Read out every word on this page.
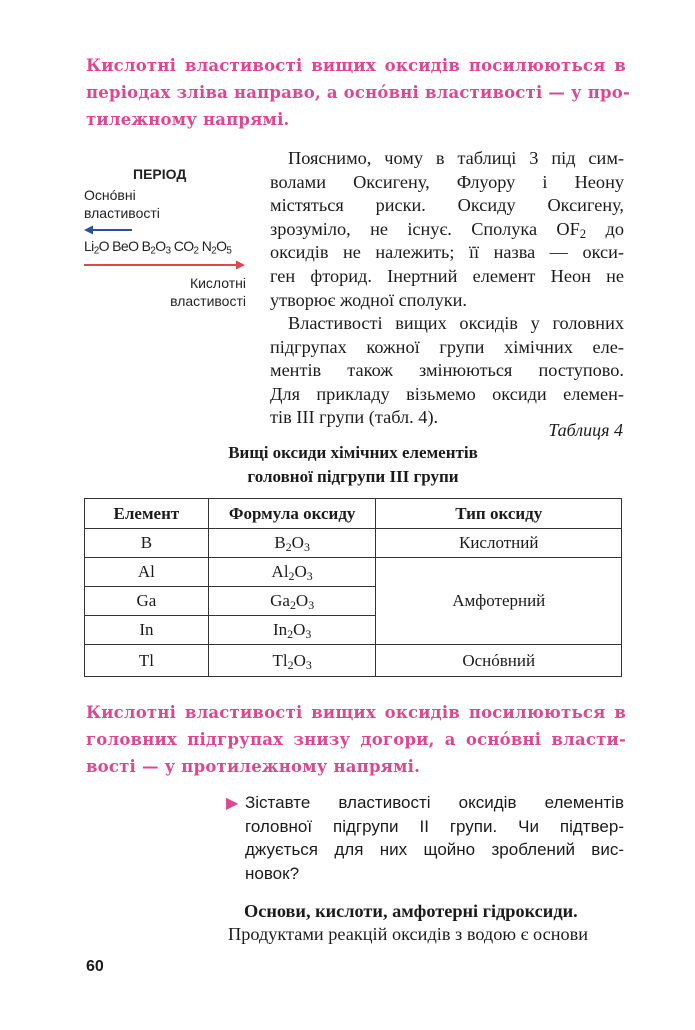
Кислотні властивості вищих оксидів посилюються в
періодах зліва направо, а оснóвні властивості — у про-
тилежному напрямі.
ПЕРІОД
Оснóвні
властивості
$Li_2O$ BeO $B_2O_3$ $CO_2$ $N_2O_5$
Кислотні
властивості
Пояснимо, чому в таблиці 3 під сим-
волами Оксигену, Флуору і Неону
містяться риски. Оксиду Оксигену,
зрозуміло, не існує. Сполука $OF_2$ до
оксидів не належить; її назва — окси-
ген фторид. Інертний елемент Неон не
утворює жодної сполуки.
Властивості вищих оксидів у головних
підгрупах кожної групи хімічних еле-
ментів також змінюються поступово.
Для прикладу візьмемо оксиди елемен-
тів III групи (табл. 4).
Таблиця 4
Вищі оксиди хімічних елементів
головної підгрупи III групи
Елемент	Формула оксиду	Тип оксиду
B	$B_2O_3$	Кислотний
Al	$Al_2O_3$	Амфотерний
Ga	$Ga_2O_3$
In	$In_2O_3$
Tl	$Tl_2O_3$	Оснóвний
Кислотні властивості вищих оксидів посилюються в
головних підгрупах знизу догори, а оснóвні власти-
вості — у протилежному напрямі.
▶ Зіставте властивості оксидів елементів
головної підгрупи II групи. Чи підтвер-
джується для них щойно зроблений вис-
новок?
Основи, кислоти, амфотерні гідроксиди.
Продуктами реакцій оксидів з водою є основи
60
